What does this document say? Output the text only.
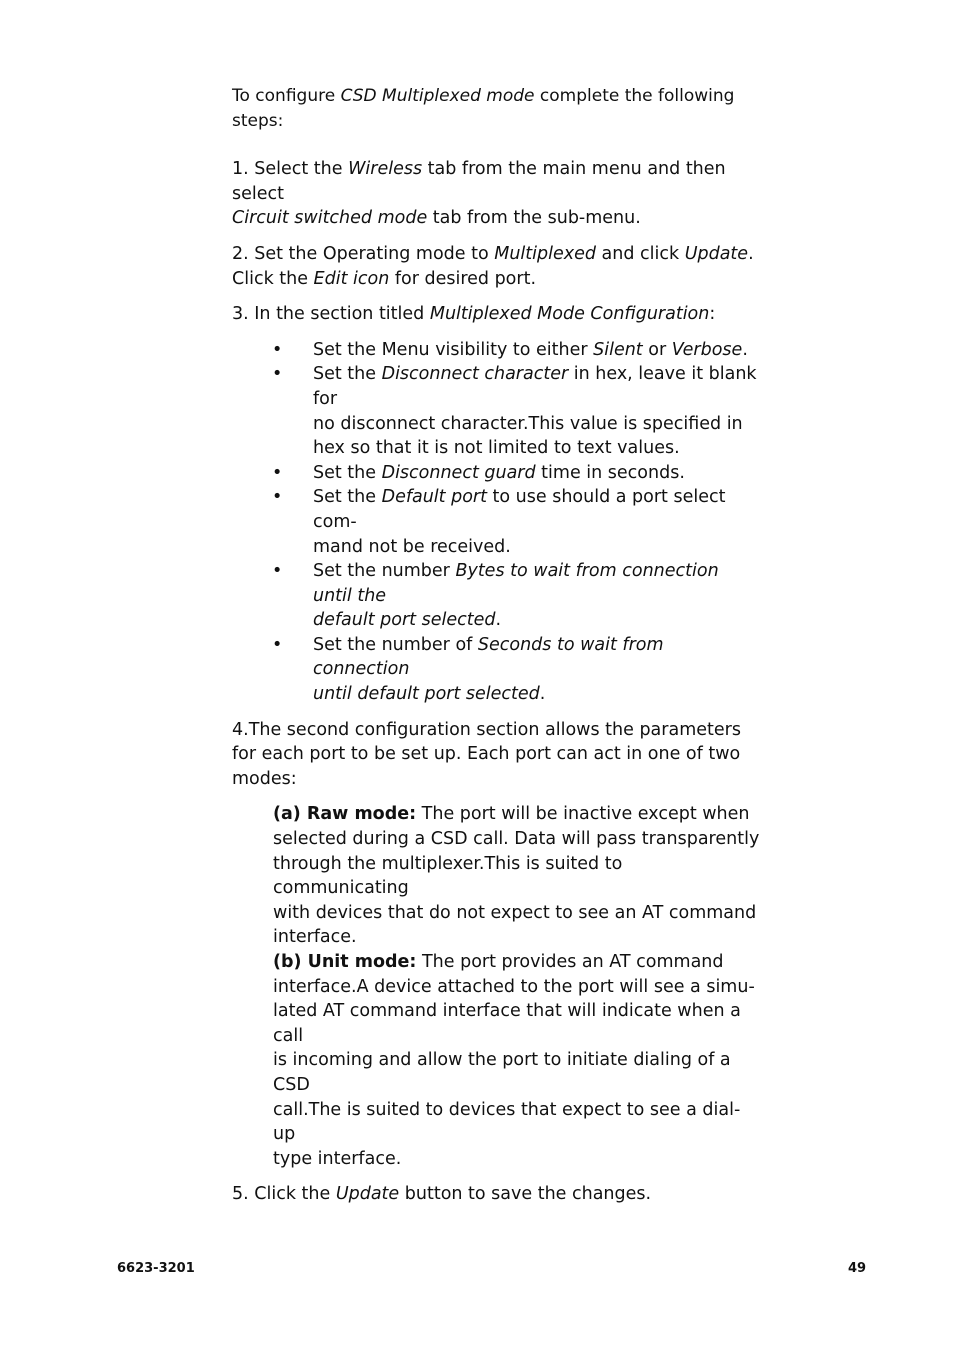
To configure CSD Multiplexed mode complete the following steps:

1. Select the Wireless tab from the main menu and then select
Circuit switched mode tab from the sub-menu.

2. Set the Operating mode to Multiplexed and click Update.
Click the Edit icon for desired port.

3. In the section titled Multiplexed Mode Configuration:

• Set the Menu visibility to either Silent or Verbose.
• Set the Disconnect character in hex, leave it blank for
no disconnect character.This value is specified in
hex so that it is not limited to text values.
• Set the Disconnect guard time in seconds.
• Set the Default port to use should a port select com-
mand not be received.
• Set the number Bytes to wait from connection until the
default port selected.
• Set the number of Seconds to wait from connection
until default port selected.

4.The second configuration section allows the parameters
for each port to be set up. Each port can act in one of two
modes:

(a) Raw mode: The port will be inactive except when
selected during a CSD call. Data will pass transparently
through the multiplexer.This is suited to communicating
with devices that do not expect to see an AT command
interface.

(b) Unit mode: The port provides an AT command
interface.A device attached to the port will see a simu-
lated AT command interface that will indicate when a call
is incoming and allow the port to initiate dialing of a CSD
call.The is suited to devices that expect to see a dial-up
type interface.

5. Click the Update button to save the changes.

6623-3201	49
